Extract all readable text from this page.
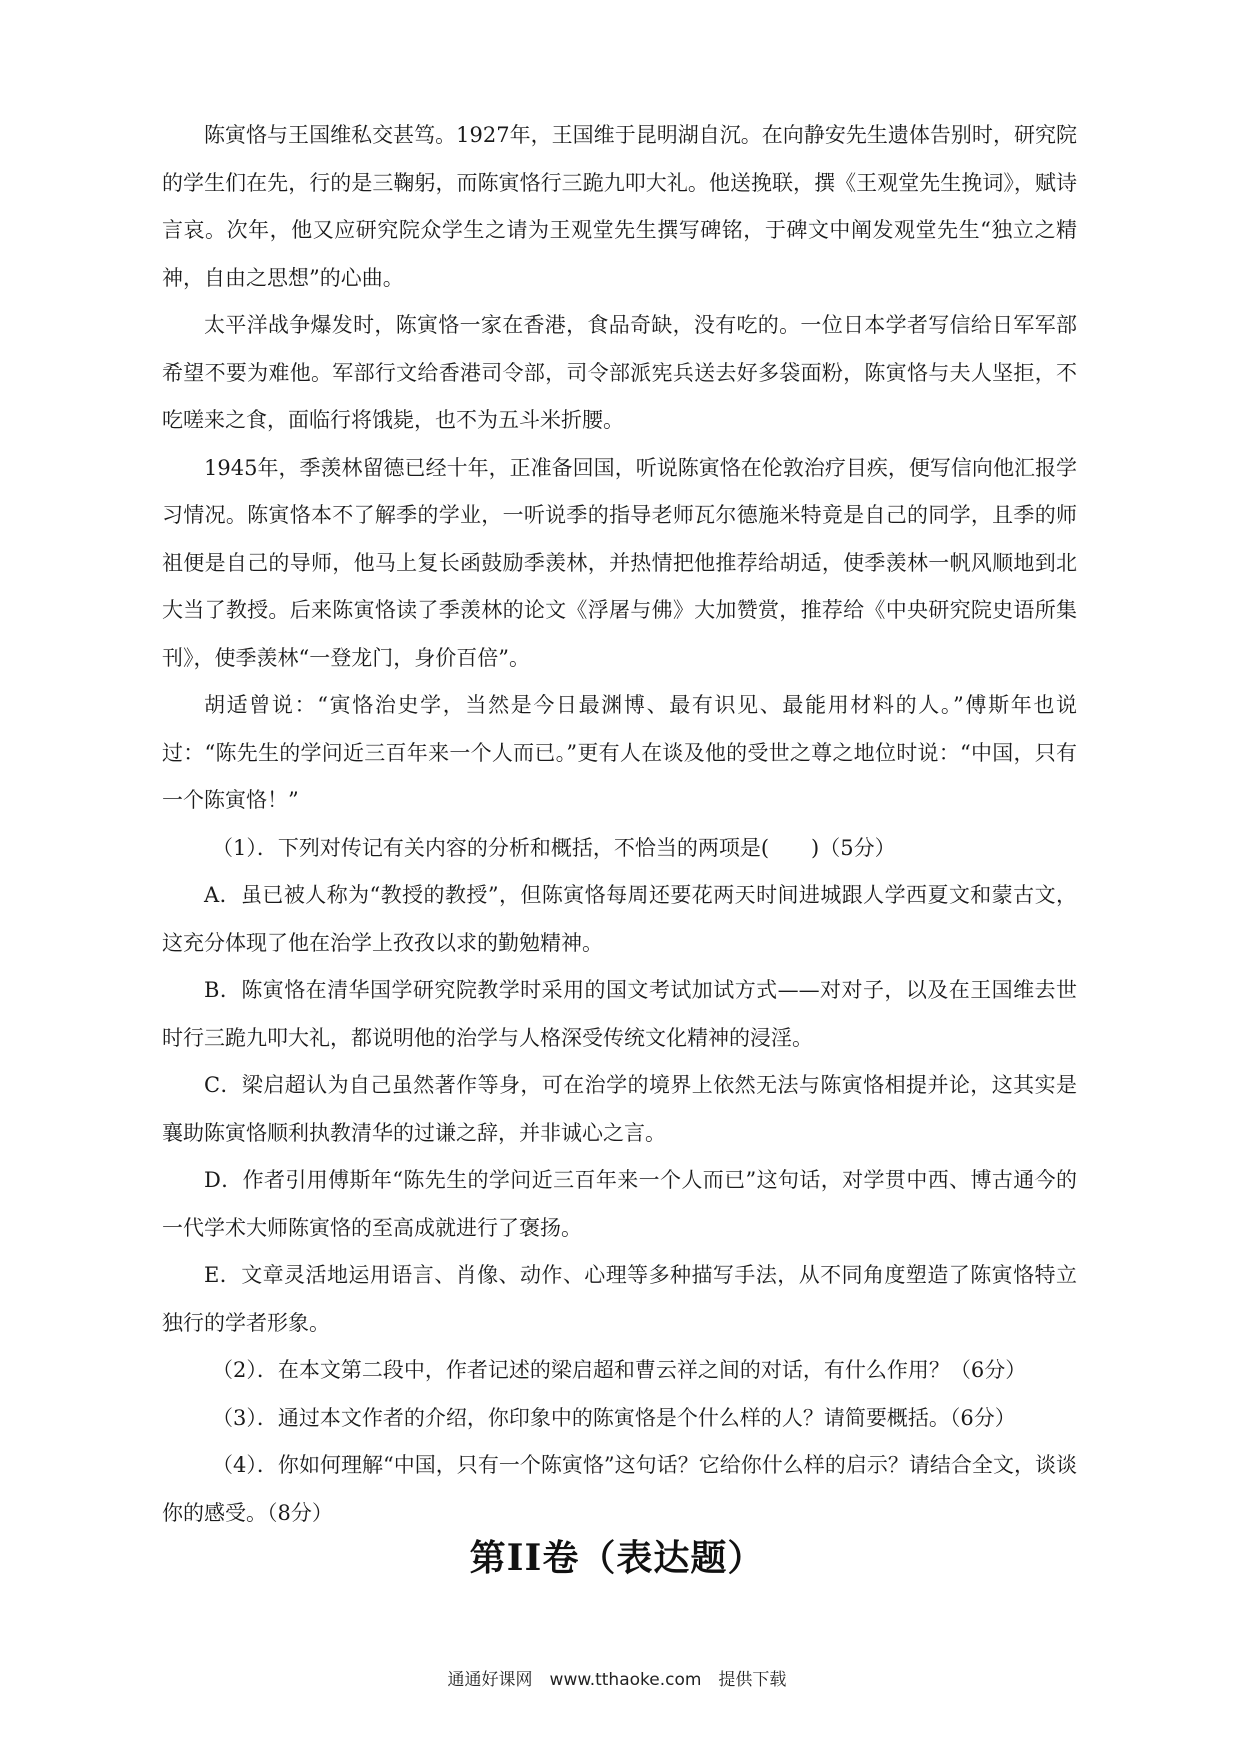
陈寅恪与王国维私交甚笃。1927年，王国维于昆明湖自沉。在向静安先生遗体告别时，研究院的学生们在先，行的是三鞠躬，而陈寅恪行三跪九叩大礼。他送挽联，撰《王观堂先生挽词》，赋诗言哀。次年，他又应研究院众学生之请为王观堂先生撰写碑铭，于碑文中阐发观堂先生“独立之精神，自由之思想”的心曲。

太平洋战争爆发时，陈寅恪一家在香港，食品奇缺，没有吃的。一位日本学者写信给日军军部希望不要为难他。军部行文给香港司令部，司令部派宪兵送去好多袋面粉，陈寅恪与夫人坚拒，不吃嗟来之食，面临行将饿毙，也不为五斗米折腰。

1945年，季羡林留德已经十年，正准备回国，听说陈寅恪在伦敦治疗目疾，便写信向他汇报学习情况。陈寅恪本不了解季的学业，一听说季的指导老师瓦尔德施米特竟是自己的同学，且季的师祖便是自己的导师，他马上复长函鼓励季羡林，并热情把他推荐给胡适，使季羡林一帆风顺地到北大当了教授。后来陈寅恪读了季羡林的论文《浮屠与佛》大加赞赏，推荐给《中央研究院史语所集刊》，使季羡林“一登龙门，身价百倍”。

胡适曾说：“寅恪治史学，当然是今日最渊博、最有识见、最能用材料的人。”傅斯年也说过：“陈先生的学问近三百年来一个人而已。”更有人在谈及他的受世之尊之地位时说：“中国，只有一个陈寅恪！”

（1）．下列对传记有关内容的分析和概括，不恰当的两项是(　　)（5分）

A．虽已被人称为“教授的教授”，但陈寅恪每周还要花两天时间进城跟人学西夏文和蒙古文，这充分体现了他在治学上孜孜以求的勤勉精神。

B．陈寅恪在清华国学研究院教学时采用的国文考试加试方式——对对子，以及在王国维去世时行三跪九叩大礼，都说明他的治学与人格深受传统文化精神的浸淫。

C．梁启超认为自己虽然著作等身，可在治学的境界上依然无法与陈寅恪相提并论，这其实是襄助陈寅恪顺利执教清华的过谦之辞，并非诚心之言。

D．作者引用傅斯年“陈先生的学问近三百年来一个人而已”这句话，对学贯中西、博古通今的一代学术大师陈寅恪的至高成就进行了褒扬。

E．文章灵活地运用语言、肖像、动作、心理等多种描写手法，从不同角度塑造了陈寅恪特立独行的学者形象。

（2）．在本文第二段中，作者记述的梁启超和曹云祥之间的对话，有什么作用？（6分）

（3）．通过本文作者的介绍，你印象中的陈寅恪是个什么样的人？请简要概括。（6分）

（4）．你如何理解“中国，只有一个陈寅恪”这句话？它给你什么样的启示？请结合全文，谈谈你的感受。（8分）

第II卷（表达题）
通通好课网　www.tthaoke.com　提供下载
